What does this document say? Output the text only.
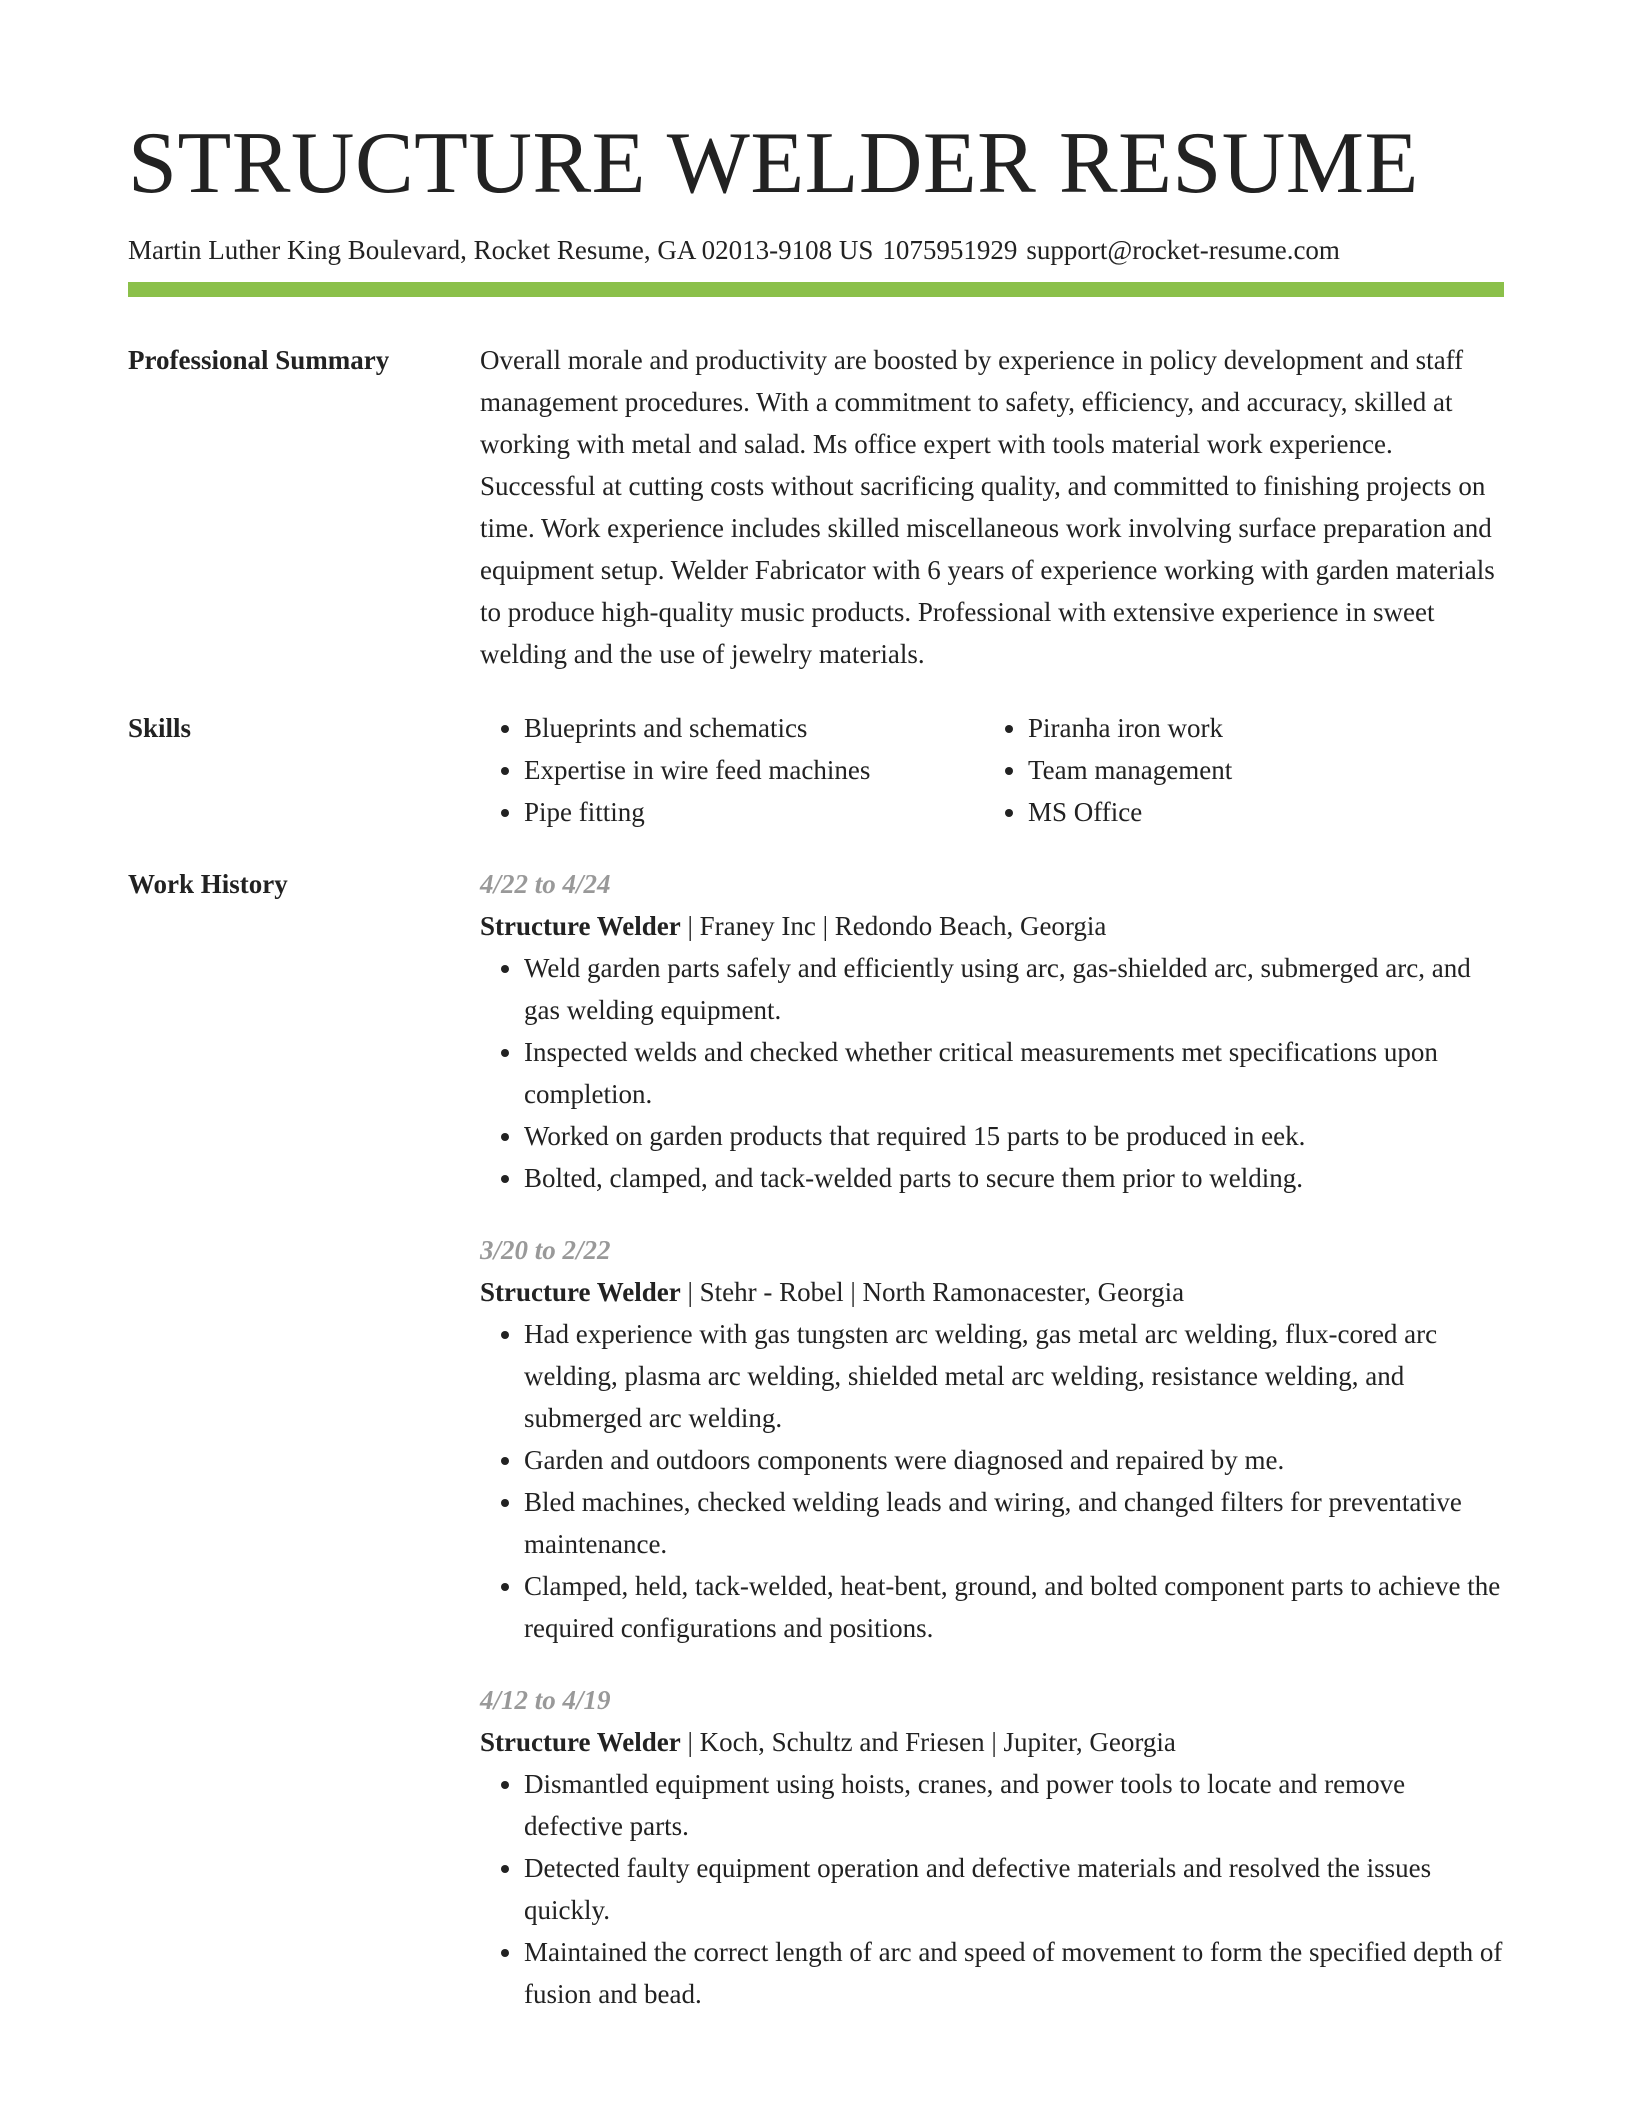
STRUCTURE WELDER RESUME
Martin Luther King Boulevard, Rocket Resume, GA 02013-9108 US 1075951929 support@rocket-resume.com
Professional Summary	Overall morale and productivity are boosted by experience in policy development and staff management procedures. With a commitment to safety, efficiency, and accuracy, skilled at working with metal and salad. Ms office expert with tools material work experience. Successful at cutting costs without sacrificing quality, and committed to finishing projects on time. Work experience includes skilled miscellaneous work involving surface preparation and equipment setup. Welder Fabricator with 6 years of experience working with garden materials to produce high-quality music products. Professional with extensive experience in sweet welding and the use of jewelry materials.

Skills
•	Blueprints and schematics
• Expertise in wire feed machines
• Pipe fitting
• Piranha iron work
• Team management
• MS Office
Work History	4/22 to 4/24
Structure Welder | Franey Inc | Redondo Beach, Georgia
• Weld garden parts safely and efficiently using arc, gas-shielded arc, submerged arc, and gas welding equipment.
• Inspected welds and checked whether critical measurements met specifications upon completion.
• Worked on garden products that required 15 parts to be produced in eek.
• Bolted, clamped, and tack-welded parts to secure them prior to welding.
3/20 to 2/22
Structure Welder | Stehr - Robel | North Ramonacester, Georgia
• Had experience with gas tungsten arc welding, gas metal arc welding, flux-cored arc welding, plasma arc welding, shielded metal arc welding, resistance welding, and submerged arc welding.
• Garden and outdoors components were diagnosed and repaired by me.
• Bled machines, checked welding leads and wiring, and changed filters for preventative maintenance.
• Clamped, held, tack-welded, heat-bent, ground, and bolted component parts to achieve the required configurations and positions.
4/12 to 4/19
Structure Welder | Koch, Schultz and Friesen | Jupiter, Georgia
• Dismantled equipment using hoists, cranes, and power tools to locate and remove defective parts.
• Detected faulty equipment operation and defective materials and resolved the issues quickly.
• Maintained the correct length of arc and speed of movement to form the specified depth of fusion and bead.
